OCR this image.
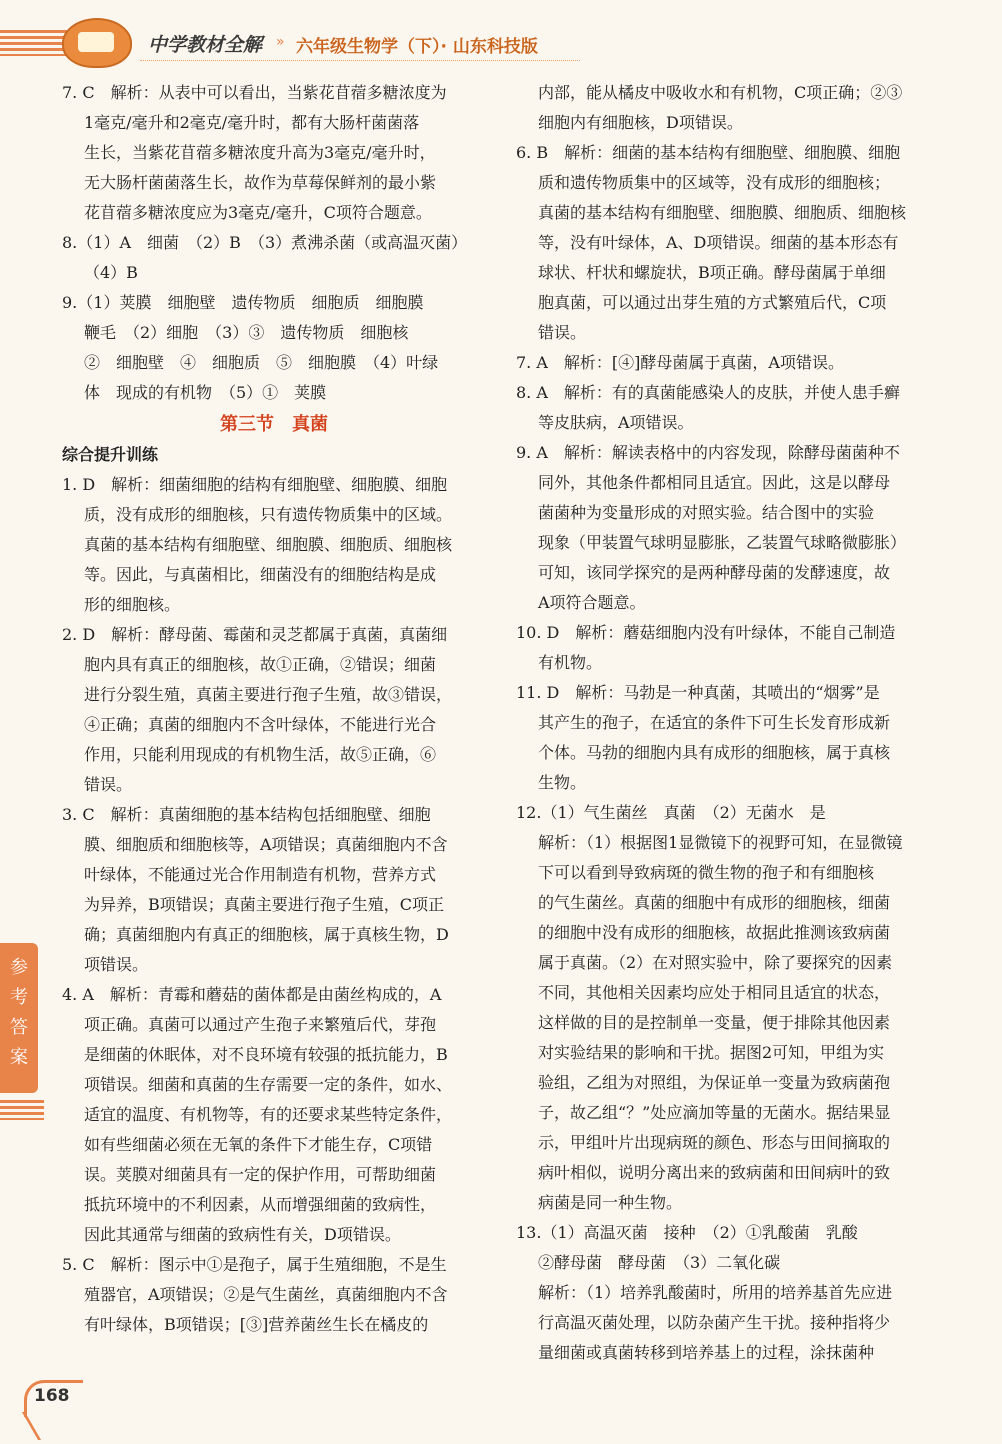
中学教材全解 » 六年级生物学（下）· 山东科技版
7. C　解析：从表中可以看出，当紫花苜蓿多糖浓度为
1毫克/毫升和2毫克/毫升时，都有大肠杆菌菌落
生长，当紫花苜蓿多糖浓度升高为3毫克/毫升时，
无大肠杆菌菌落生长，故作为草莓保鲜剂的最小紫
花苜蓿多糖浓度应为3毫克/毫升，C项符合题意。
8.（1）A　细菌　（2）B　（3）煮沸杀菌（或高温灭菌）
（4）B
9.（1）荚膜　细胞壁　遗传物质　细胞质　细胞膜
鞭毛　（2）细胞　（3）③　遗传物质　细胞核
②　细胞壁　④　细胞质　⑤　细胞膜　（4）叶绿
体　现成的有机物　（5）①　荚膜
第三节　真菌
综合提升训练
1. D　解析：细菌细胞的结构有细胞壁、细胞膜、细胞
质，没有成形的细胞核，只有遗传物质集中的区域。
真菌的基本结构有细胞壁、细胞膜、细胞质、细胞核
等。因此，与真菌相比，细菌没有的细胞结构是成
形的细胞核。
2. D　解析：酵母菌、霉菌和灵芝都属于真菌，真菌细
胞内具有真正的细胞核，故①正确，②错误；细菌
进行分裂生殖，真菌主要进行孢子生殖，故③错误，
④正确；真菌的细胞内不含叶绿体，不能进行光合
作用，只能利用现成的有机物生活，故⑤正确，⑥
错误。
3. C　解析：真菌细胞的基本结构包括细胞壁、细胞
膜、细胞质和细胞核等，A项错误；真菌细胞内不含
叶绿体，不能通过光合作用制造有机物，营养方式
为异养，B项错误；真菌主要进行孢子生殖，C项正
确；真菌细胞内有真正的细胞核，属于真核生物，D
项错误。
4. A　解析：青霉和蘑菇的菌体都是由菌丝构成的，A
项正确。真菌可以通过产生孢子来繁殖后代，芽孢
是细菌的休眠体，对不良环境有较强的抵抗能力，B
项错误。细菌和真菌的生存需要一定的条件，如水、
适宜的温度、有机物等，有的还要求某些特定条件，
如有些细菌必须在无氧的条件下才能生存，C项错
误。荚膜对细菌具有一定的保护作用，可帮助细菌
抵抗环境中的不利因素，从而增强细菌的致病性，
因此其通常与细菌的致病性有关，D项错误。
5. C　解析：图示中①是孢子，属于生殖细胞，不是生
殖器官，A项错误；②是气生菌丝，真菌细胞内不含
有叶绿体，B项错误；[③]营养菌丝生长在橘皮的
内部，能从橘皮中吸收水和有机物，C项正确；②③
细胞内有细胞核，D项错误。
6. B　解析：细菌的基本结构有细胞壁、细胞膜、细胞
质和遗传物质集中的区域等，没有成形的细胞核；
真菌的基本结构有细胞壁、细胞膜、细胞质、细胞核
等，没有叶绿体，A、D项错误。细菌的基本形态有
球状、杆状和螺旋状，B项正确。酵母菌属于单细
胞真菌，可以通过出芽生殖的方式繁殖后代，C项
错误。
7. A　解析：[④]酵母菌属于真菌，A项错误。
8. A　解析：有的真菌能感染人的皮肤，并使人患手癣
等皮肤病，A项错误。
9. A　解析：解读表格中的内容发现，除酵母菌菌种不
同外，其他条件都相同且适宜。因此，这是以酵母
菌菌种为变量形成的对照实验。结合图中的实验
现象（甲装置气球明显膨胀，乙装置气球略微膨胀）
可知，该同学探究的是两种酵母菌的发酵速度，故
A项符合题意。
10. D　解析：蘑菇细胞内没有叶绿体，不能自己制造
有机物。
11. D　解析：马勃是一种真菌，其喷出的“烟雾”是
其产生的孢子，在适宜的条件下可生长发育形成新
个体。马勃的细胞内具有成形的细胞核，属于真核
生物。
12.（1）气生菌丝　真菌　（2）无菌水　是
解析：（1）根据图1显微镜下的视野可知，在显微镜
下可以看到导致病斑的微生物的孢子和有细胞核
的气生菌丝。真菌的细胞中有成形的细胞核，细菌
的细胞中没有成形的细胞核，故据此推测该致病菌
属于真菌。（2）在对照实验中，除了要探究的因素
不同，其他相关因素均应处于相同且适宜的状态，
这样做的目的是控制单一变量，便于排除其他因素
对实验结果的影响和干扰。据图2可知，甲组为实
验组，乙组为对照组，为保证单一变量为致病菌孢
子，故乙组“？”处应滴加等量的无菌水。据结果显
示，甲组叶片出现病斑的颜色、形态与田间摘取的
病叶相似，说明分离出来的致病菌和田间病叶的致
病菌是同一种生物。
13.（1）高温灭菌　接种　（2）①乳酸菌　乳酸
②酵母菌　酵母菌　（3）二氧化碳
解析：（1）培养乳酸菌时，所用的培养基首先应进
行高温灭菌处理，以防杂菌产生干扰。接种指将少
量细菌或真菌转移到培养基上的过程，涂抹菌种
参考答案
168
